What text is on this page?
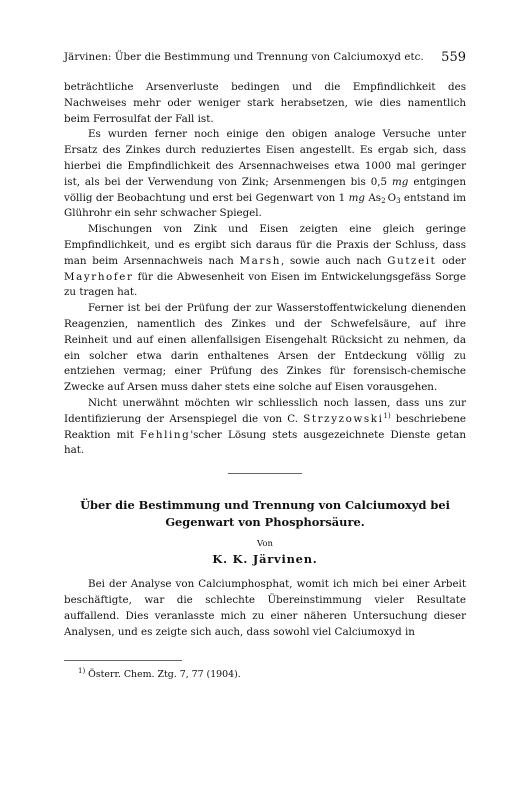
Järvinen: Über die Bestimmung und Trennung von Calciumoxyd etc. 559

beträchtliche Arsenverluste bedingen und die Empfindlichkeit des Nachweises mehr oder weniger stark herabsetzen, wie dies namentlich beim Ferrosulfat der Fall ist.

Es wurden ferner noch einige den obigen analoge Versuche unter Ersatz des Zinkes durch reduziertes Eisen angestellt. Es ergab sich, dass hierbei die Empfindlichkeit des Arsennachweises etwa 1000 mal geringer ist, als bei der Verwendung von Zink; Arsenmengen bis 0,5 mg entgingen völlig der Beobachtung und erst bei Gegenwart von 1 mg $As_2$  $O_3$ entstand im Glührohr ein sehr schwacher Spiegel.

Mischungen von Zink und Eisen zeigten eine gleich geringe Empfindlichkeit, und es ergibt sich daraus für die Praxis der Schluss, dass man beim Arsennachweis nach Marsh, sowie auch nach Gutzeit oder Mayrhofer für die Abwesenheit von Eisen im Entwickelungsgefäss Sorge zu tragen hat.

Ferner ist bei der Prüfung der zur Wasserstoffentwickelung dienenden Reagenzien, namentlich des Zinkes und der Schwefelsäure, auf ihre Reinheit und auf einen allenfallsigen Eisengehalt Rücksicht zu nehmen, da ein solcher etwa darin enthaltenes Arsen der Entdeckung völlig zu entziehen vermag; einer Prüfung des Zinkes für forensisch-chemische Zwecke auf Arsen muss daher stets eine solche auf Eisen vorausgehen.

Nicht unerwähnt möchten wir schliesslich noch lassen, dass uns zur Identifizierung der Arsenspiegel die von C. Strzyzowski$^{1)}$ beschriebene Reaktion mit Fehling'scher Lösung stets ausgezeichnete Dienste getan hat.

Über die Bestimmung und Trennung von Calciumoxyd bei
Gegenwart von Phosphorsäure.
Von
K. K. Järvinen.

Bei der Analyse von Calciumphosphat, womit ich mich bei einer Arbeit beschäftigte, war die schlechte Übereinstimmung vieler Resultate auffallend. Dies veranlasste mich zu einer näheren Untersuchung dieser Analysen, und es zeigte sich auch, dass sowohl viel Calciumoxyd in

$^{1)}$ Österr. Chem. Ztg. 7, 77 (1904).
